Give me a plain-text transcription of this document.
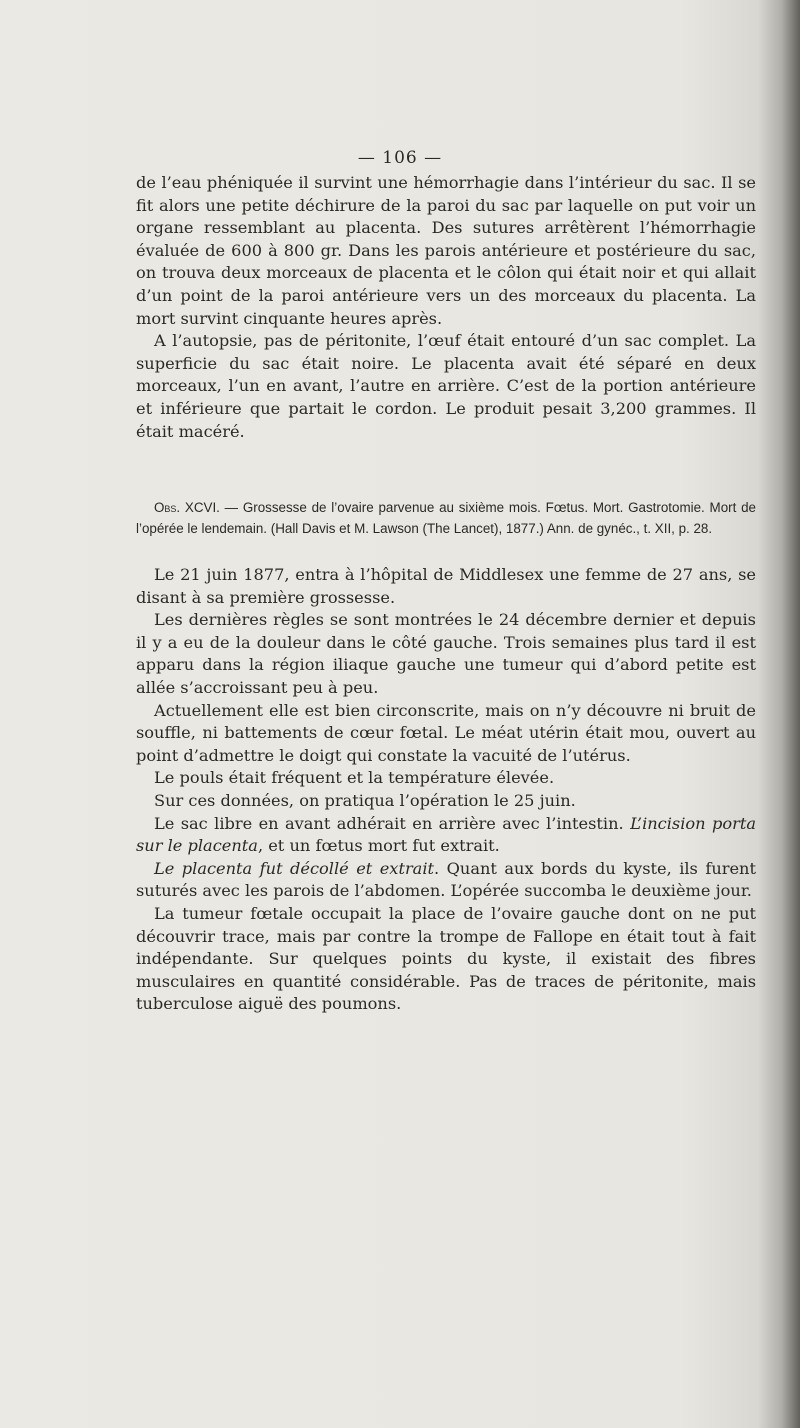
— 106 —

de l’eau phéniquée il survint une hémorrhagie dans l’intérieur du sac. Il se fit alors une petite déchirure de la paroi du sac par laquelle on put voir un organe ressemblant au placenta. Des sutures arrêtèrent l’hémorrhagie évaluée de 600 à 800 gr. Dans les parois antérieure et postérieure du sac, on trouva deux morceaux de placenta et le côlon qui était noir et qui allait d’un point de la paroi antérieure vers un des morceaux du placenta. La mort survint cinquante heures après.

A l’autopsie, pas de péritonite, l’œuf était entouré d’un sac complet. La superficie du sac était noire. Le placenta avait été séparé en deux morceaux, l’un en avant, l’autre en arrière. C’est de la portion antérieure et inférieure que partait le cordon. Le produit pesait 3,200 grammes. Il était macéré.

Obs. XCVI. — Grossesse de l’ovaire parvenue au sixième mois. Fœtus. Mort. Gastrotomie. Mort de l’opérée le lendemain. (Hall Davis et M. Lawson (The Lancet), 1877.) Ann. de gynéc., t. XII, p. 28.

Le 21 juin 1877, entra à l’hôpital de Middlesex une femme de 27 ans, se disant à sa première grossesse.

Les dernières règles se sont montrées le 24 décembre dernier et depuis il y a eu de la douleur dans le côté gauche. Trois semaines plus tard il est apparu dans la région iliaque gauche une tumeur qui d’abord petite est allée s’accroissant peu à peu.

Actuellement elle est bien circonscrite, mais on n’y découvre ni bruit de souffle, ni battements de cœur fœtal. Le méat utérin était mou, ouvert au point d’admettre le doigt qui constate la vacuité de l’utérus.

Le pouls était fréquent et la température élevée.

Sur ces données, on pratiqua l’opération le 25 juin.

Le sac libre en avant adhérait en arrière avec l’intestin. L’incision porta sur le placenta, et un fœtus mort fut extrait.

Le placenta fut décollé et extrait. Quant aux bords du kyste, ils furent suturés avec les parois de l’abdomen. L’opérée succomba le deuxième jour.

La tumeur fœtale occupait la place de l’ovaire gauche dont on ne put découvrir trace, mais par contre la trompe de Fallope en était tout à fait indépendante. Sur quelques points du kyste, il existait des fibres musculaires en quantité considérable. Pas de traces de péritonite, mais tuberculose aiguë des poumons.
